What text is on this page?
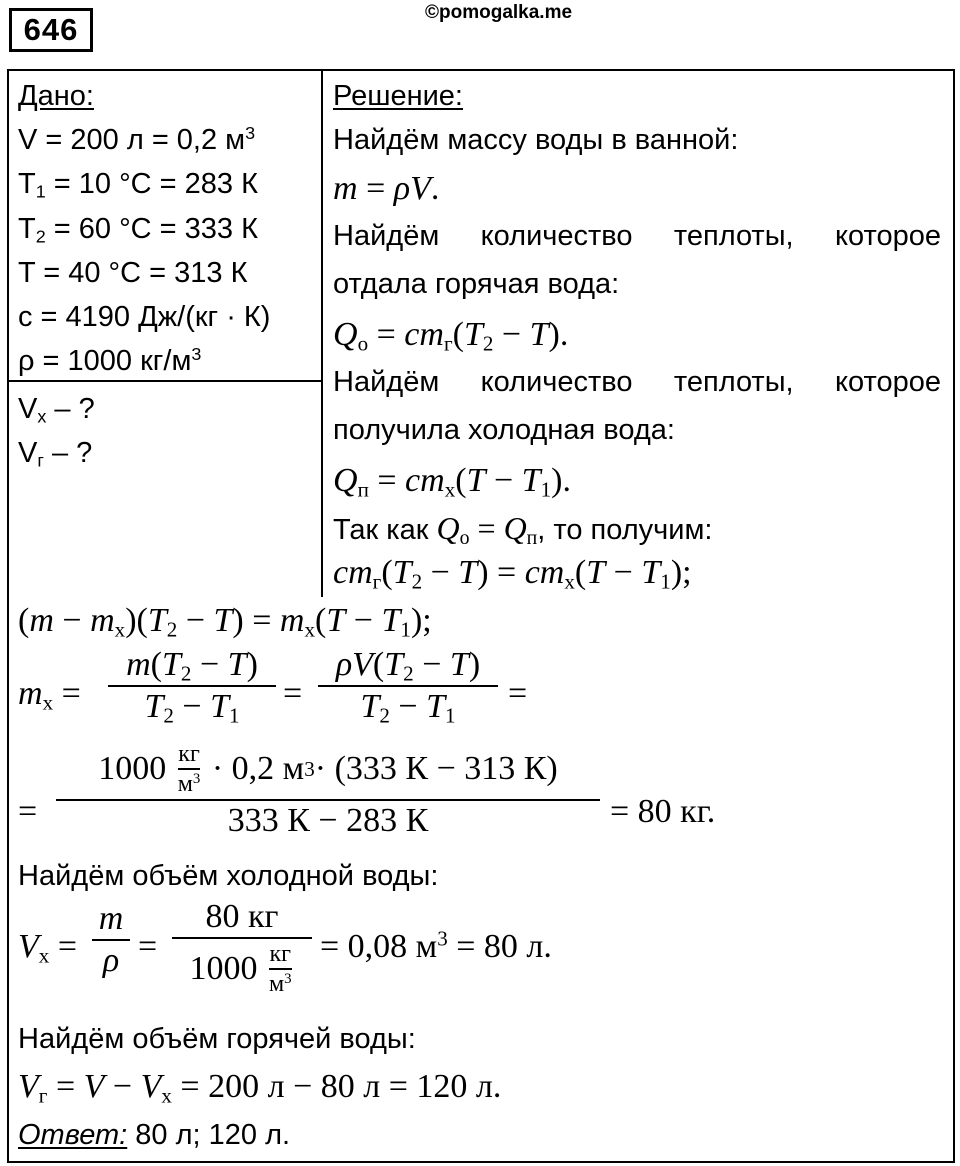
646	©pomogalka.me
Дано:
V = 200 л = 0,2 $м^3$
$T_1 = 10$ °C = 283 К
$T_2 = 60$ °C = 333 К
T = 40 °C = 313 К
c = 4190 Дж/(кг · К)
ρ = 1000 $кг/м^3$
$V_х$ – ?
$V_г$ – ?
Решение:
Найдём массу воды в ванной:
m = ρV.
Найдём количество теплоты, которое
отдала горячая вода:
$Q_о = cm_г(T_2 - T)$.
Найдём количество теплоты, которое
получила холодная вода:
$Q_п = cm_х(T - T_1)$.
Так как $Q_о = Q_п$, то получим:
$cm_г(T_2 - T) = cm_х(T - T_1)$;
$(m - m_х)(T_2 - T) = m_х(T - T_1)$;
$m_х$ =
$m(T_2 - T)$
$T_2 - T_1$
=
$\rho V(T_2 - T)$
$T_2 - T_1$
=
=
$1000 \frac{кг}{м^3} \cdot 0,2$ м 3 · (333 К − 313 К)
333 К − 283 К	= 80 кг.
Найдём объём холодной воды:
$V_х$ =
m
ρ =
80 кг
$1000 \frac{кг}{м^3} = 0,08$ $м^3 = 80$ л.
Найдём объём горячей воды:
$V_г = V - V_х = 200$ л − 80 л = 120 л.
Ответ: 80 л; 120 л.
